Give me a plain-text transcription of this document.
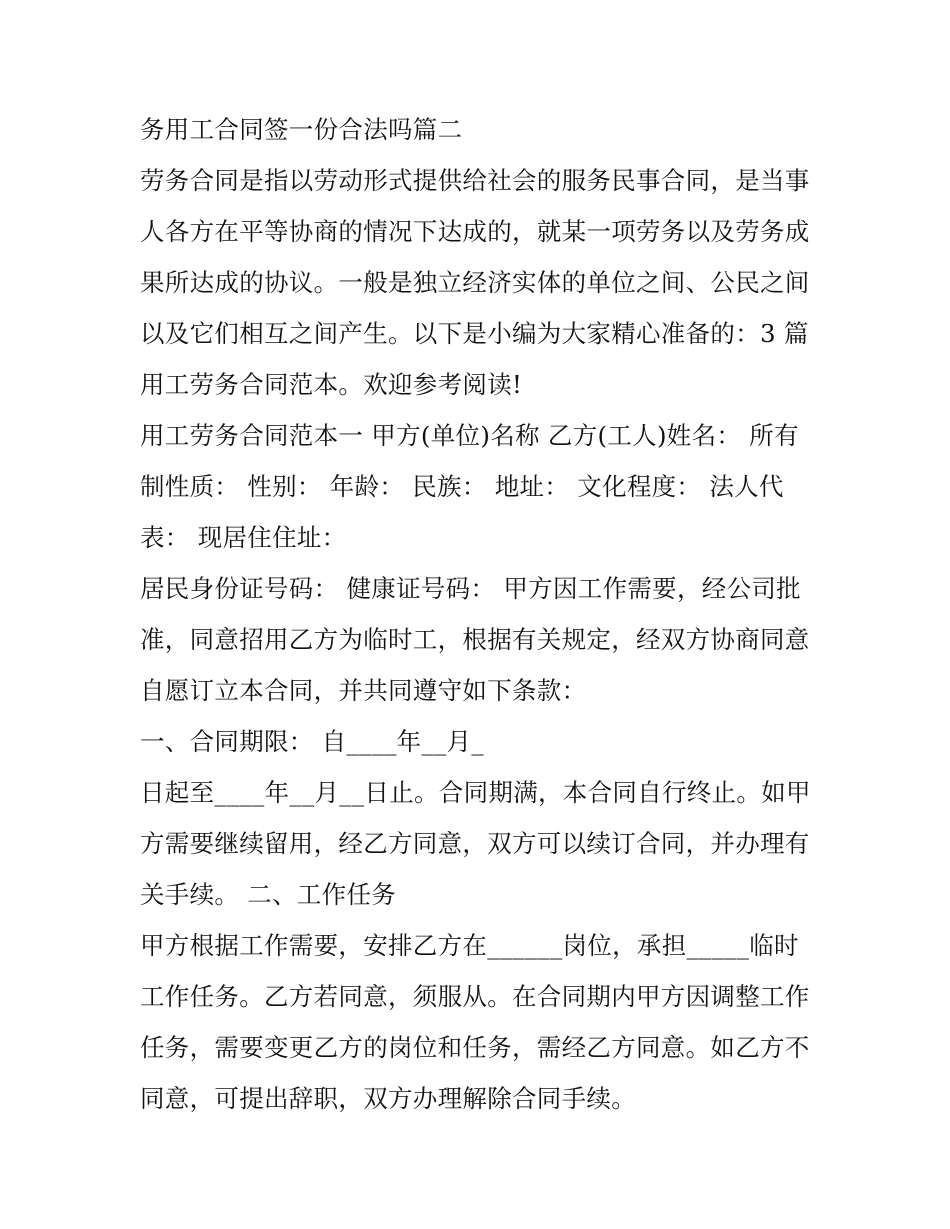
务用工合同签一份合法吗篇二
劳务合同是指以劳动形式提供给社会的服务民事合同，是当事
人各方在平等协商的情况下达成的，就某一项劳务以及劳务成
果所达成的协议。一般是独立经济实体的单位之间、公民之间
以及它们相互之间产生。以下是小编为大家精心准备的：3 篇
用工劳务合同范本。欢迎参考阅读!
用工劳务合同范本一 甲方(单位)名称 乙方(工人)姓名： 所有
制性质： 性别： 年龄： 民族： 地址： 文化程度： 法人代
表： 现居住住址：
居民身份证号码： 健康证号码： 甲方因工作需要，经公司批
准，同意招用乙方为临时工，根据有关规定，经双方协商同意
自愿订立本合同，并共同遵守如下条款：
一、合同期限： 自____年__月_
日起至____年__月__日止。合同期满，本合同自行终止。如甲
方需要继续留用，经乙方同意，双方可以续订合同，并办理有
关手续。 二、工作任务
甲方根据工作需要，安排乙方在______岗位，承担_____临时
工作任务。乙方若同意，须服从。在合同期内甲方因调整工作
任务，需要变更乙方的岗位和任务，需经乙方同意。如乙方不
同意，可提出辞职，双方办理解除合同手续。
